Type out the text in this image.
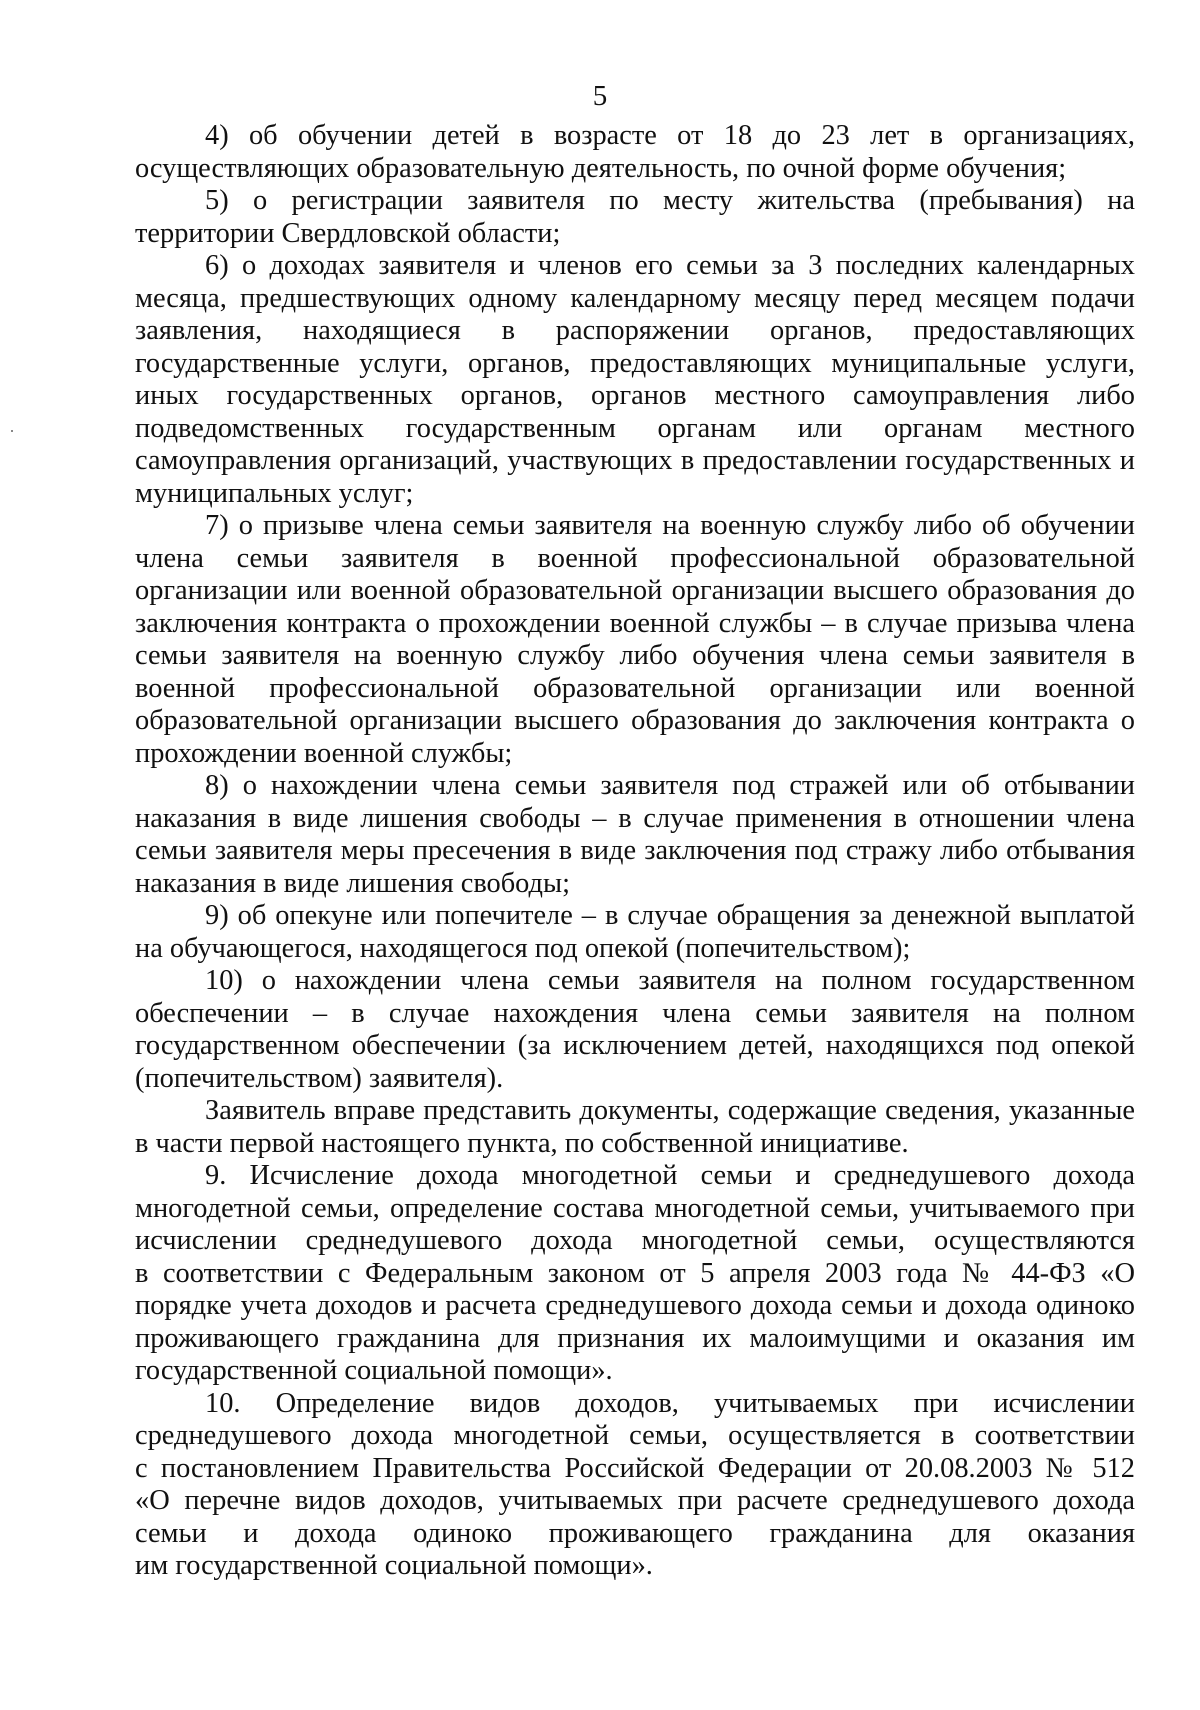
5

4) об обучении детей в возрасте от 18 до 23 лет в организациях, осуществляющих образовательную деятельность, по очной форме обучения;

5) о регистрации заявителя по месту жительства (пребывания) на территории Свердловской области;

6) о доходах заявителя и членов его семьи за 3 последних календарных месяца, предшествующих одному календарному месяцу перед месяцем подачи заявления, находящиеся в распоряжении органов, предоставляющих государственные услуги, органов, предоставляющих муниципальные услуги, иных государственных органов, органов местного самоуправления либо подведомственных государственным органам или органам местного самоуправления организаций, участвующих в предоставлении государственных и муниципальных услуг;

7) о призыве члена семьи заявителя на военную службу либо об обучении члена семьи заявителя в военной профессиональной образовательной организации или военной образовательной организации высшего образования до заключения контракта о прохождении военной службы – в случае призыва члена семьи заявителя на военную службу либо обучения члена семьи заявителя в военной профессиональной образовательной организации или военной образовательной организации высшего образования до заключения контракта о прохождении военной службы;

8) о нахождении члена семьи заявителя под стражей или об отбывании наказания в виде лишения свободы – в случае применения в отношении члена семьи заявителя меры пресечения в виде заключения под стражу либо отбывания наказания в виде лишения свободы;

9) об опекуне или попечителе – в случае обращения за денежной выплатой на обучающегося, находящегося под опекой (попечительством);

10) о нахождении члена семьи заявителя на полном государственном обеспечении – в случае нахождения члена семьи заявителя на полном государственном обеспечении (за исключением детей, находящихся под опекой (попечительством) заявителя).

Заявитель вправе представить документы, содержащие сведения, указанные в части первой настоящего пункта, по собственной инициативе.

9. Исчисление дохода многодетной семьи и среднедушевого дохода многодетной семьи, определение состава многодетной семьи, учитываемого при исчислении среднедушевого дохода многодетной семьи, осуществляются в соответствии с Федеральным законом от 5 апреля 2003 года № 44-ФЗ «О порядке учета доходов и расчета среднедушевого дохода семьи и дохода одиноко проживающего гражданина для признания их малоимущими и оказания им государственной социальной помощи».

10. Определение видов доходов, учитываемых при исчислении среднедушевого дохода многодетной семьи, осуществляется в соответствии с постановлением Правительства Российской Федерации от 20.08.2003 № 512 «О перечне видов доходов, учитываемых при расчете среднедушевого дохода семьи и дохода одиноко проживающего гражданина для оказания им государственной социальной помощи».
